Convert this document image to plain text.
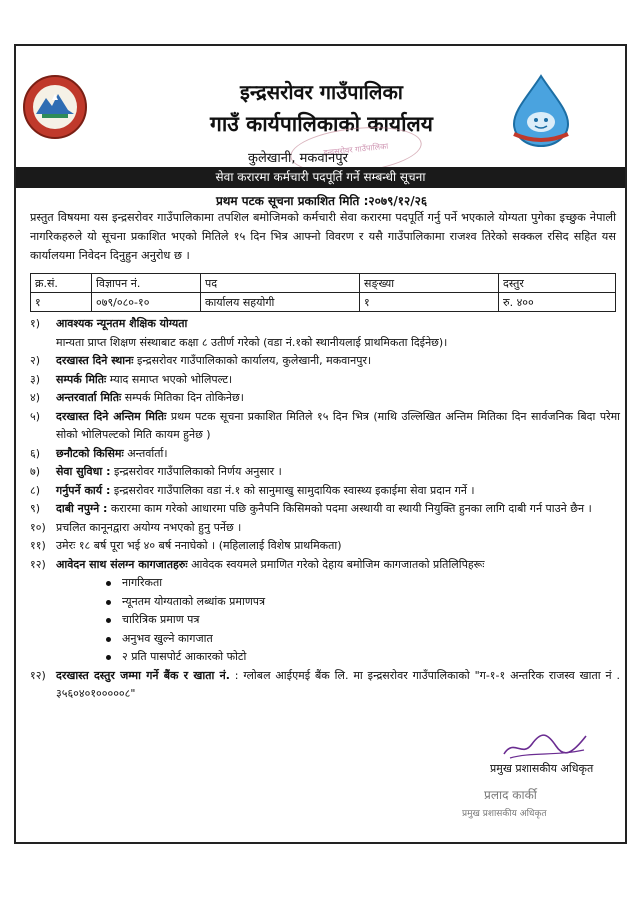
इन्द्रसरोवर गाउँपालिका
गाउँ कार्यपालिकाको कार्यालय
इन्द्रसरोवर गाउँपालिका
कुलेखानी, मकवानपुर
सेवा करारमा कर्मचारी पदपूर्ति गर्ने सम्बन्धी सूचना
प्रथम पटक सूचना प्रकाशित मिति :२०७९/१२/२६
प्रस्तुत विषयमा यस इन्द्रसरोवर गाउँपालिकामा तपशिल बमोजिमको कर्मचारी सेवा करारमा पदपूर्ति गर्नु पर्ने भएकाले योग्यता पुगेका इच्छुक नेपाली नागरिकहरुले यो सूचना प्रकाशित भएको मितिले १५ दिन भित्र आफ्नो विवरण र यसै गाउँपालिकामा राजश्व तिरेको सक्कल रसिद सहित यस कार्यालयमा निवेदन दिनुहुन अनुरोध छ ।
क्र.सं.	विज्ञापन नं.	पद	सङ्ख्या	दस्तुर
१	०७९/०८०-१०	कार्यालय सहयोगी	१	रु. ४००
१)	आवश्यक न्यूनतम शैक्षिक योग्यता
मान्यता प्राप्त शिक्षण संस्थाबाट कक्षा ८ उतीर्ण गरेको (वडा नं.१को स्थानीयलाई प्राथमिकता दिईनेछ)।
२)	दरखास्त दिने स्थानः इन्द्रसरोवर गाउँपालिकाको कार्यालय, कुलेखानी, मकवानपुर।
३)	सम्पर्क मितिः म्याद समाप्त भएको भोलिपल्ट।
४)	अन्तरवार्ता मितिः सम्पर्क मितिका दिन तोकिनेछ।
५)	दरखास्त दिने अन्तिम मितिः प्रथम पटक सूचना प्रकाशित मितिले १५ दिन भित्र (माथि उल्लिखित अन्तिम मितिका दिन सार्वजनिक बिदा परेमा सोको भोलिपल्टको मिति कायम हुनेछ )
६)	छनौटको किसिमः अन्तर्वार्ता।
७)	सेवा सुविधा : इन्द्रसरोवर गाउँपालिकाको निर्णय अनुसार ।
८)	गर्नुपर्ने कार्य : इन्द्रसरोवर गाउँपालिका वडा नं.१ को सानुमाखु सामुदायिक स्वास्थ्य इकाईमा सेवा प्रदान गर्ने ।
९)	दाबी नपुग्ने : करारमा काम गरेको आधारमा पछि कुनैपनि किसिमको पदमा अस्थायी वा स्थायी नियुक्ति हुनका लागि दाबी गर्न पाउने छैन ।
१०) प्रचलित कानूनद्वारा अयोग्य नभएको हुनु पर्नेछ ।
११) उमेरः १८ बर्ष पूरा भई ४० बर्ष ननाघेको । (महिलालाई विशेष प्राथमिकता)
१२) आवेदन साथ संलग्न कागजातहरुः आवेदक स्वयमले प्रमाणित गरेको देहाय बमोजिम कागजातको प्रतिलिपिहरूः
नागरिकता
न्यूनतम योग्यताको लब्धांक प्रमाणपत्र
चारित्रिक प्रमाण पत्र
अनुभव खुल्ने कागजात
२ प्रति पासपोर्ट आकारको फोटो
१२) दरखास्त दस्तुर जम्मा गर्ने बैंक र खाता नं. : ग्लोबल आईएमई बैंक लि. मा इन्द्रसरोवर गाउँपालिकाको "ग-१-१ अन्तरिक राजस्व खाता नं . ३५६०४०१०००००८"
प्रमुख प्रशासकीय अधिकृत
प्रलाद कार्की
प्रमुख प्रशासकीय अधिकृत
